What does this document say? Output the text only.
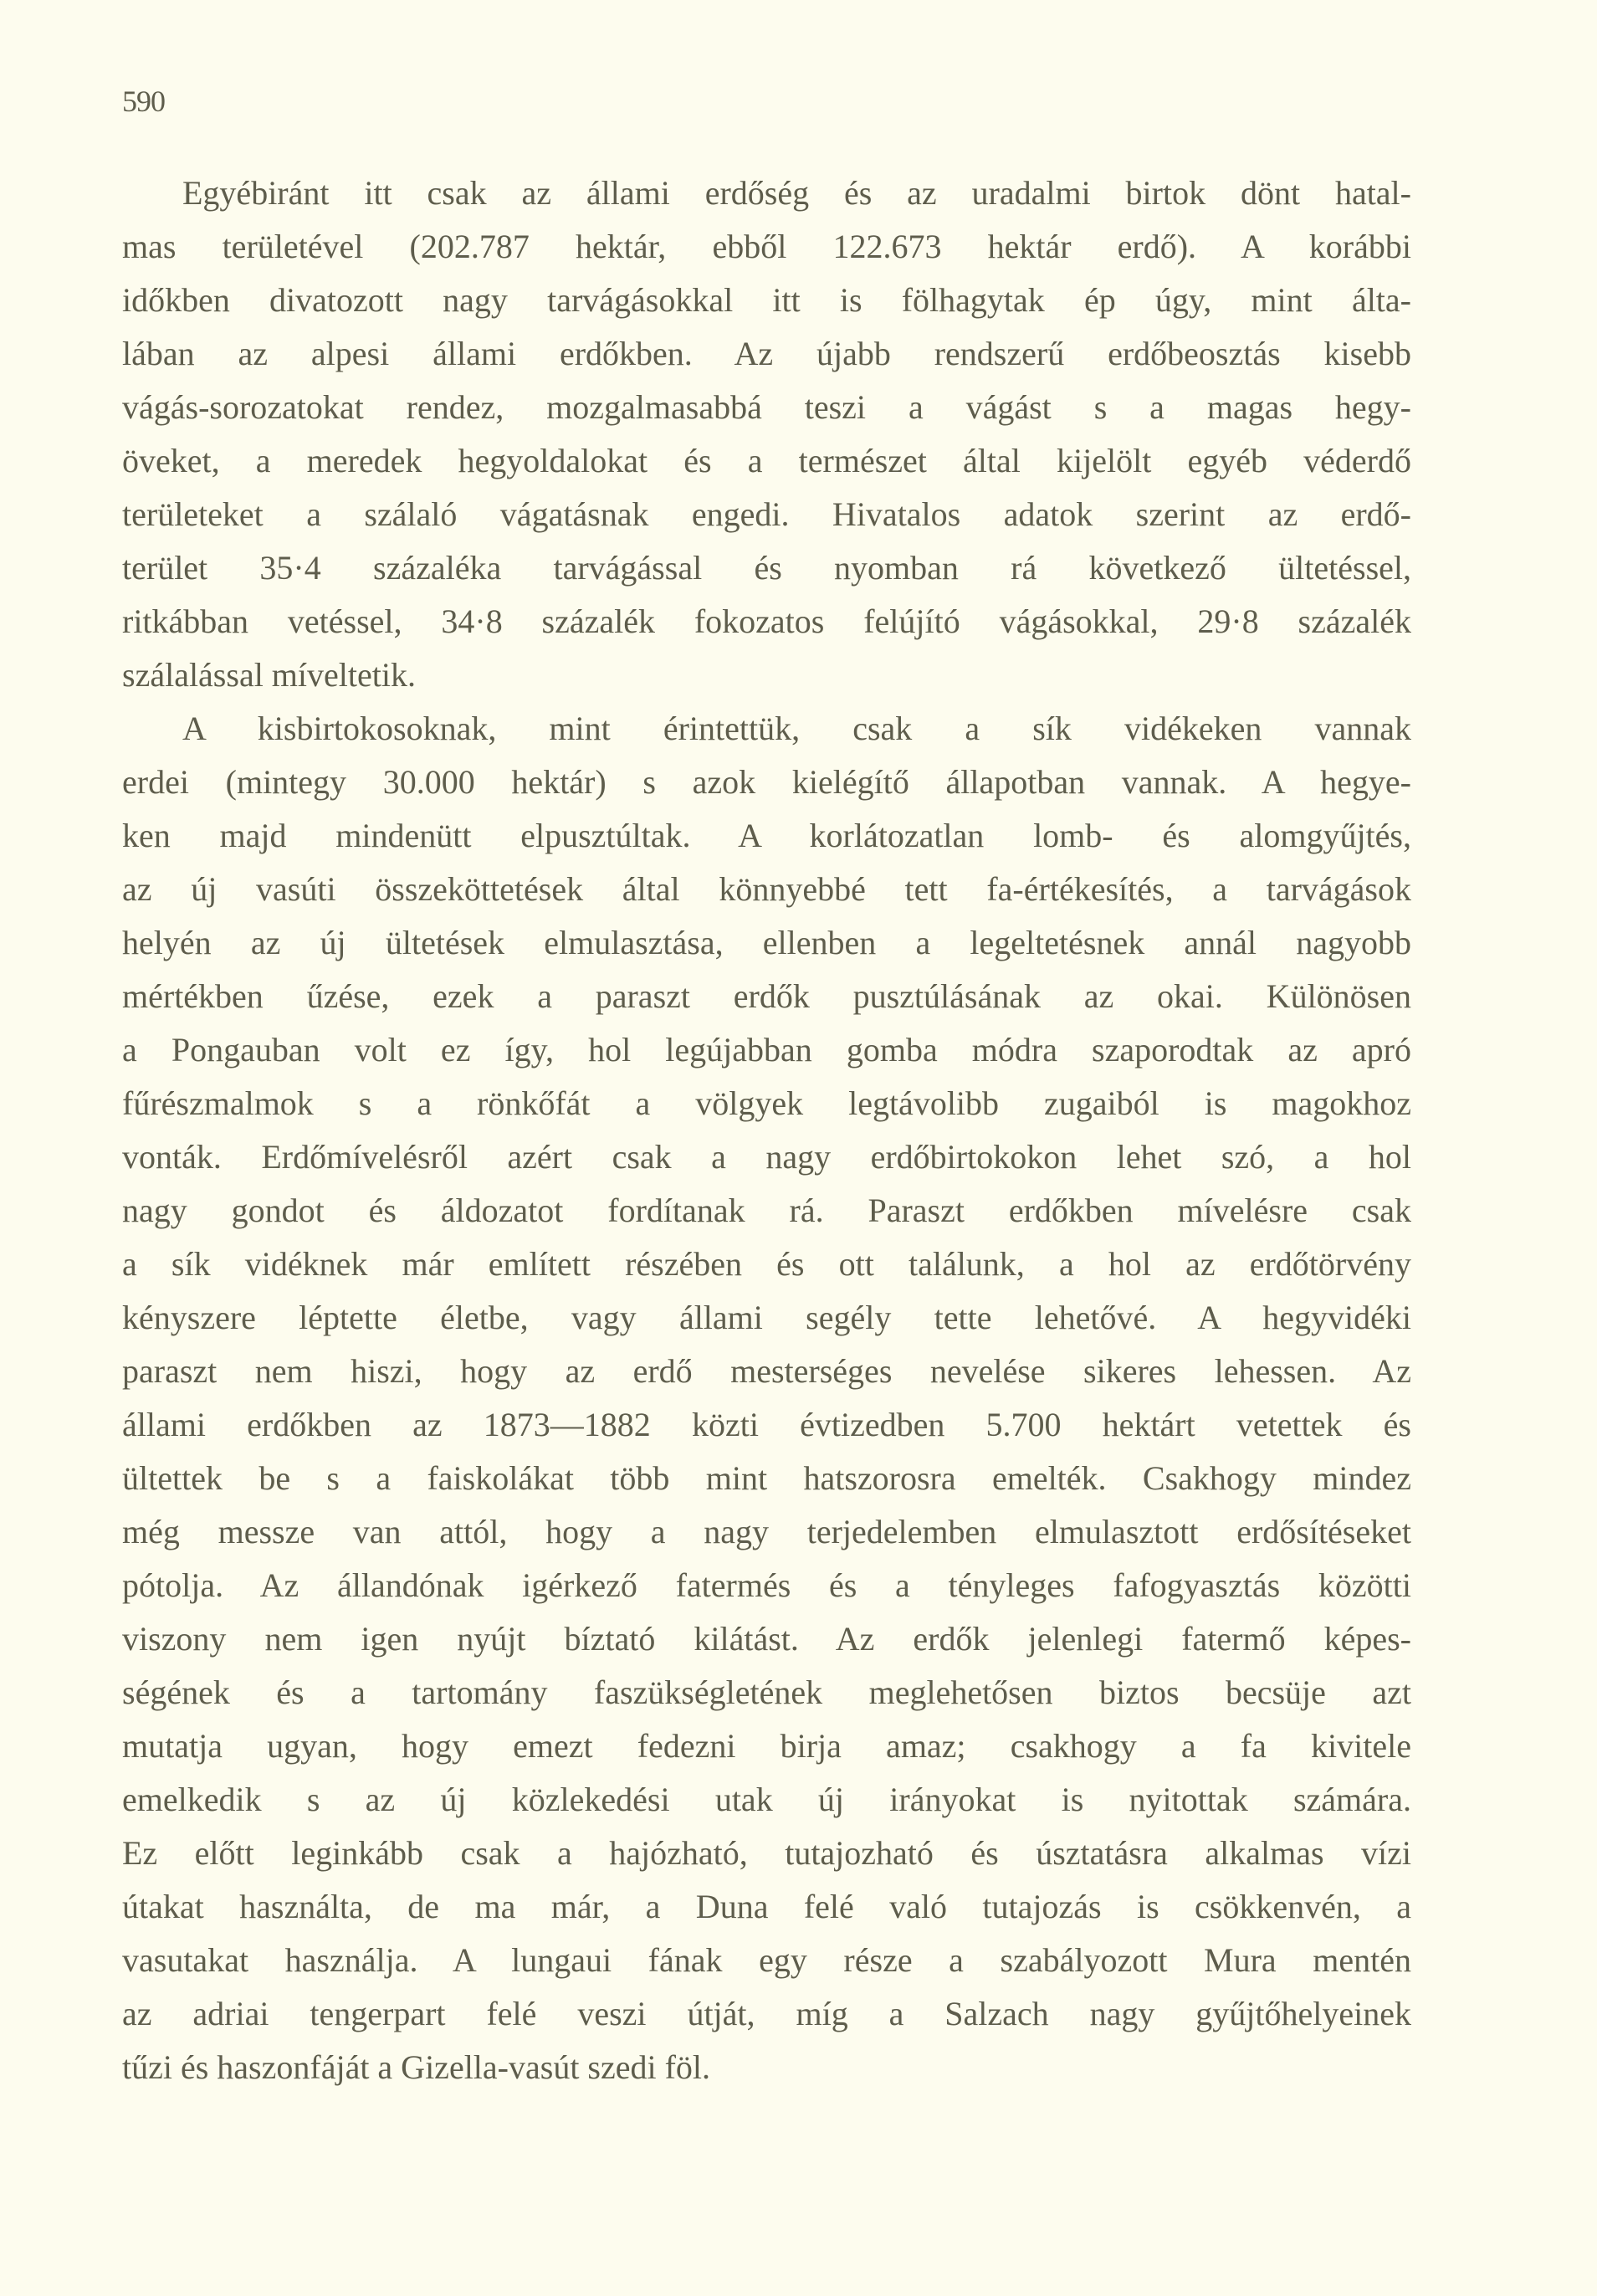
590
Egyébiránt itt csak az állami erdőség és az uradalmi birtok dönt hatal-
mas területével (202.787 hektár, ebből 122.673 hektár erdő). A korábbi
időkben divatozott nagy tarvágásokkal itt is fölhagytak ép úgy, mint álta-
lában az alpesi állami erdőkben. Az újabb rendszerű erdőbeosztás kisebb
vágás-sorozatokat rendez, mozgalmasabbá teszi a vágást s a magas hegy-
öveket, a meredek hegyoldalokat és a természet által kijelölt egyéb véderdő
területeket a szálaló vágatásnak engedi. Hivatalos adatok szerint az erdő-
terület 35·4 százaléka tarvágással és nyomban rá következő ültetéssel,
ritkábban vetéssel, 34·8 százalék fokozatos felújító vágásokkal, 29·8 százalék
szálalással míveltetik.
A kisbirtokosoknak, mint érintettük, csak a sík vidékeken vannak
erdei (mintegy 30.000 hektár) s azok kielégítő állapotban vannak. A hegye-
ken majd mindenütt elpusztúltak. A korlátozatlan lomb- és alomgyűjtés,
az új vasúti összeköttetések által könnyebbé tett fa-értékesítés, a tarvágások
helyén az új ültetések elmulasztása, ellenben a legeltetésnek annál nagyobb
mértékben űzése, ezek a paraszt erdők pusztúlásának az okai. Különösen
a Pongauban volt ez így, hol legújabban gomba módra szaporodtak az apró
fűrészmalmok s a rönkőfát a völgyek legtávolibb zugaiból is magokhoz
vonták. Erdőmívelésről azért csak a nagy erdőbirtokokon lehet szó, a hol
nagy gondot és áldozatot fordítanak rá. Paraszt erdőkben mívelésre csak
a sík vidéknek már említett részében és ott találunk, a hol az erdőtörvény
kényszere léptette életbe, vagy állami segély tette lehetővé. A hegyvidéki
paraszt nem hiszi, hogy az erdő mesterséges nevelése sikeres lehessen. Az
állami erdőkben az 1873—1882 közti évtizedben 5.700 hektárt vetettek és
ültettek be s a faiskolákat több mint hatszorosra emelték. Csakhogy mindez
még messze van attól, hogy a nagy terjedelemben elmulasztott erdősítéseket
pótolja. Az állandónak igérkező fatermés és a tényleges fafogyasztás közötti
viszony nem igen nyújt bíztató kilátást. Az erdők jelenlegi fatermő képes-
ségének és a tartomány faszükségletének meglehetősen biztos becsüje azt
mutatja ugyan, hogy emezt fedezni birja amaz; csakhogy a fa kivitele
emelkedik s az új közlekedési utak új irányokat is nyitottak számára.
Ez előtt leginkább csak a hajózható, tutajozható és úsztatásra alkalmas vízi
útakat használta, de ma már, a Duna felé való tutajozás is csökkenvén, a
vasutakat használja. A lungaui fának egy része a szabályozott Mura mentén
az adriai tengerpart felé veszi útját, míg a Salzach nagy gyűjtőhelyeinek
tűzi és haszonfáját a Gizella-vasút szedi föl.
